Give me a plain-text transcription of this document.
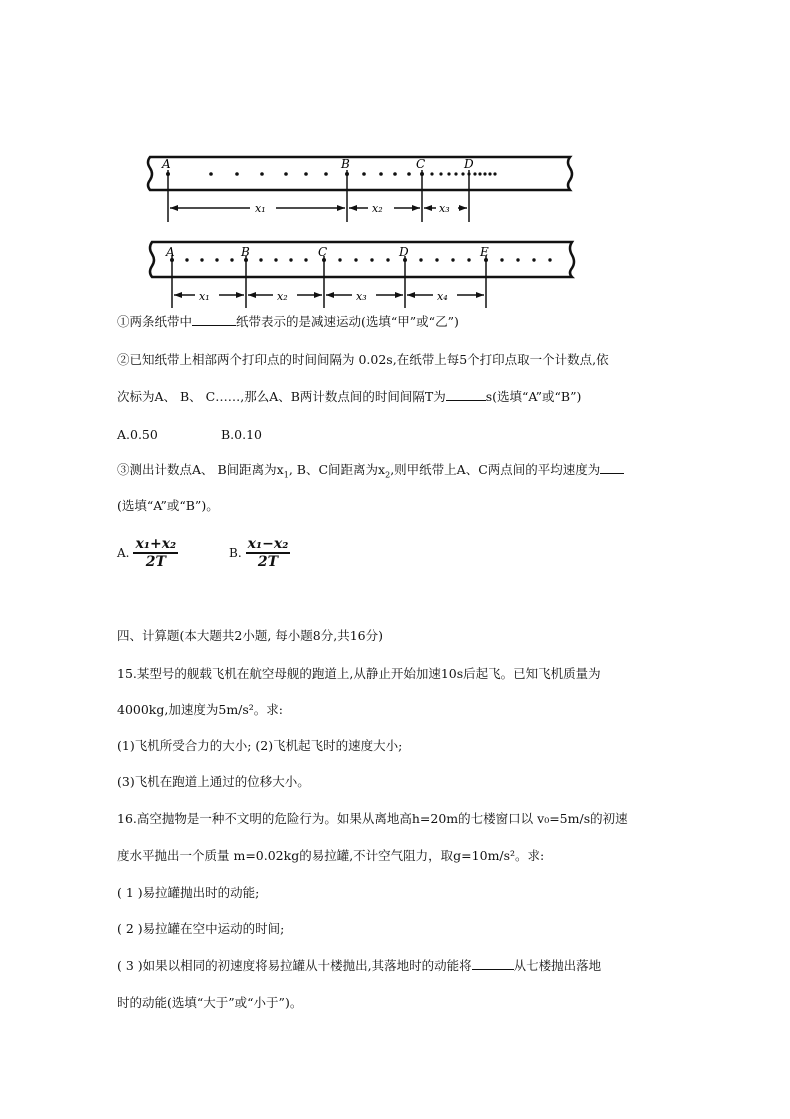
A	B	C	D
x₁	x₂	x₃
A	B	C	D	E
x₁	x₂	x₃	x₄

①两条纸带中	纸带表示的是减速运动(选填“甲”或“乙”)

②已知纸带上相部两个打印点的时间间隔为 0.02s,在纸带上每5个打印点取一个计数点,依

次标为A、 B、 C……,那么A、B两计数点间的时间间隔T为	s(选填“A”或“B”)

A.0.50	B.0.10

③测出计数点A、 B间距离为$x_1$, B、C间距离为$x_2$,则甲纸带上A、C两点间的平均速度为

(选填“A”或“B”)。

A. $\frac{\text{x₁+x₂}}{2T}$	B. $\frac{\text{x₁−x₂}}{2T}$

四、计算题(本大题共2小题, 每小题8分,共16分)

15.某型号的舰载飞机在航空母舰的跑道上,从静止开始加速10s后起飞。已知飞机质量为

4000kg,加速度为5m/s²。求:

(1)飞机所受合力的大小; (2)飞机起飞时的速度大小;

(3)飞机在跑道上通过的位移大小。

16.高空抛物是一种不文明的危险行为。如果从离地高h=20m的七楼窗口以 v₀=5m/s的初速

度水平抛出一个质量 m=0.02kg的易拉罐,不计空气阻力，取g=10m/s²。求:

( 1 )易拉罐抛出时的动能;

( 2 )易拉罐在空中运动的时间;

( 3 )如果以相同的初速度将易拉罐从十楼抛出,其落地时的动能将	从七楼抛出落地

时的动能(选填“大于”或“小于”)。
